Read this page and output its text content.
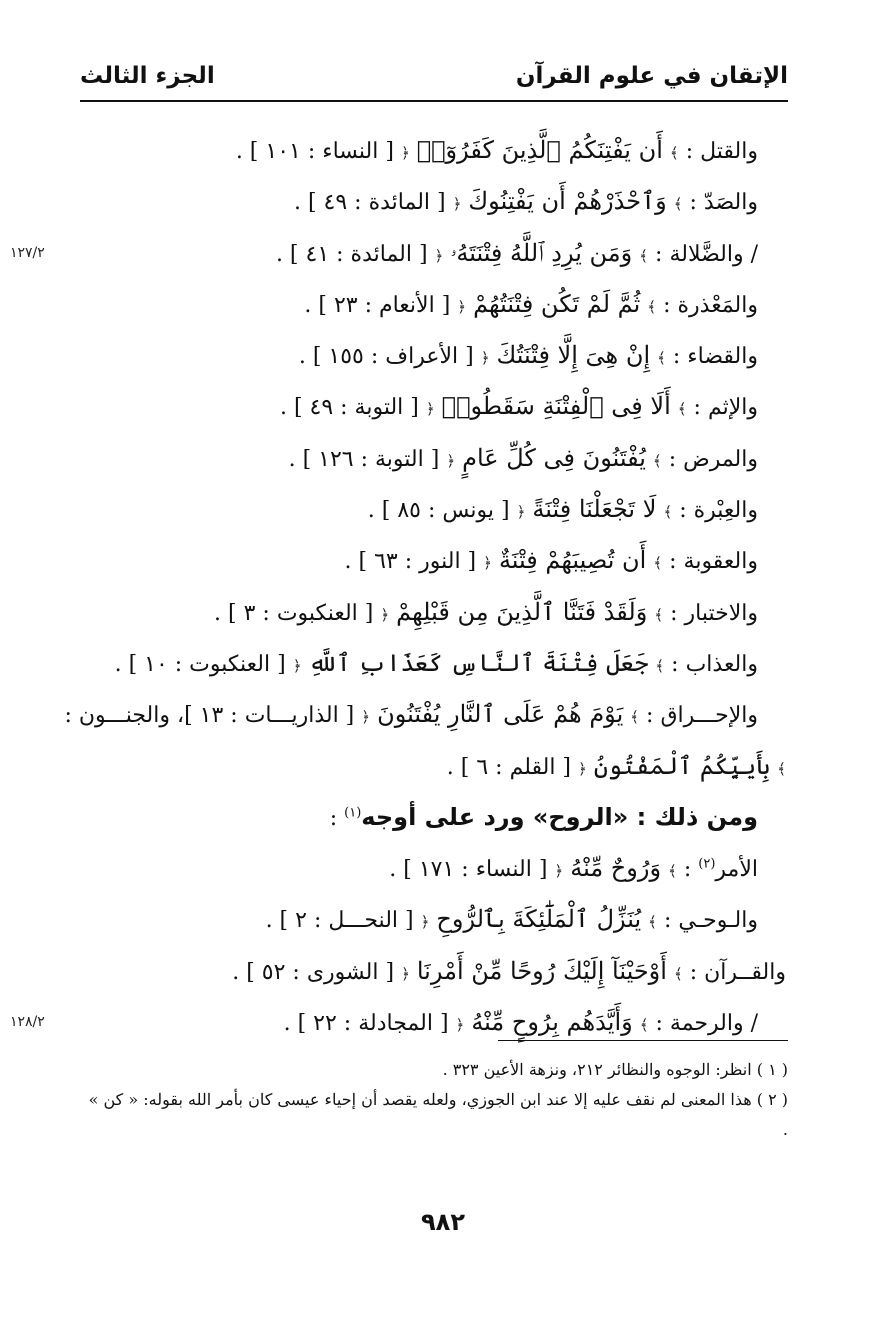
الإتقان في علوم القرآن
الجزء الثالث
والقتل : ﴾ أَن يَفْتِنَكُمُ ٱلَّذِينَ كَفَرُوٓا۟ ﴿ [ النساء : ١٠١ ] .
والصَدّ : ﴾ وَٱحْذَرْهُمْ أَن يَفْتِنُوكَ ﴿ [ المائدة : ٤٩ ] .
١٢٧/٢	/ والضَّلالة : ﴾ وَمَن يُرِدِ ٱللَّهُ فِتْنَتَهُۥ ﴿ [ المائدة : ٤١ ] .
والمَعْذرة : ﴾ ثُمَّ لَمْ تَكُن فِتْنَتُهُمْ ﴿ [ الأنعام : ٢٣ ] .
والقضاء : ﴾ إِنْ هِىَ إِلَّا فِتْنَتُكَ ﴿ [ الأعراف : ١٥٥ ] .
والإثم : ﴾ أَلَا فِى ٱلْفِتْنَةِ سَقَطُوا۟ ﴿ [ التوبة : ٤٩ ] .
والمرض : ﴾ يُفْتَنُونَ فِى كُلِّ عَامٍ ﴿ [ التوبة : ١٢٦ ] .
والعِبْرة : ﴾ لَا تَجْعَلْنَا فِتْنَةً ﴿ [ يونس : ٨٥ ] .
والعقوبة : ﴾ أَن تُصِيبَهُمْ فِتْنَةٌ ﴿ [ النور : ٦٣ ] .
والاختبار : ﴾ وَلَقَدْ فَتَنَّا ٱلَّذِينَ مِن قَبْلِهِمْ ﴿ [ العنكبوت : ٣ ] .
والعذاب : ﴾ جَعَلَ فِتْنَةَ ٱلنَّاسِ كَعَذَابِ ٱللَّهِ ﴿ [ العنكبوت : ١٠ ] .
والإحـــراق : ﴾ يَوْمَ هُمْ عَلَى ٱلنَّارِ يُفْتَنُونَ ﴿ [ الذاريـــات : ١٣ ]، والجنـــون :
﴾ بِأَييِّكُمُ ٱلْمَفْتُونُ ﴿ [ القلم : ٦ ] .
ومن ذلك : «الروح» ورد على أوجه$^{(١)}$ :
الأمر$^{(٢)}$ : ﴾ وَرُوحٌ مِّنْهُ ﴿ [ النساء : ١٧١ ] .
والـوحـي : ﴾ يُنَزِّلُ ٱلْمَلَٰٓئِكَةَ بِٱلرُّوحِ ﴿ [ النحـــل : ٢ ] .
والقــرآن : ﴾ أَوْحَيْنَآ إِلَيْكَ رُوحًا مِّنْ أَمْرِنَا ﴿ [ الشورى : ٥٢ ] .
١٢٨/٢	/ والرحمة : ﴾ وَأَيَّدَهُم بِرُوحٍ مِّنْهُ ﴿ [ المجادلة : ٢٢ ] .

( ١ ) انظر: الوجوه والنظائر ٢١٢، ونزهة الأعين ٣٢٣ .

( ٢ ) هذا المعنى لم نقف عليه إلا عند ابن الجوزي، ولعله يقصد أن إحياء عيسى كان بأمر الله بقوله: « كن » .

٩٨٢
